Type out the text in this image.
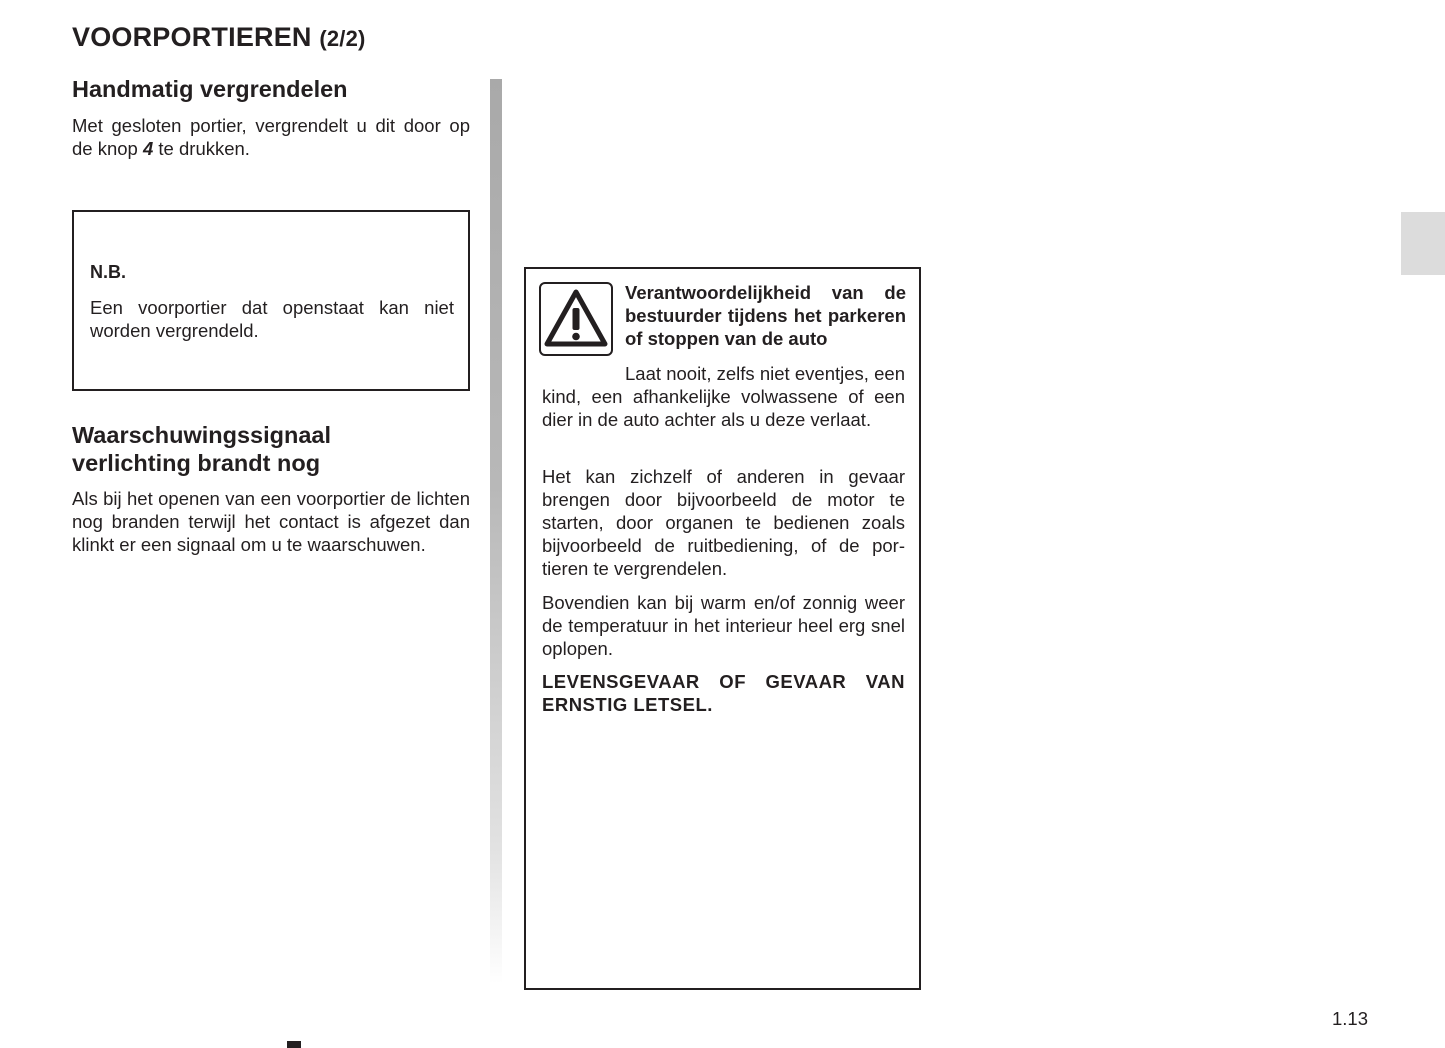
VOORPORTIEREN (2/2)
Handmatig vergrendelen

Met gesloten portier, vergrendelt u dit door op de knop 4 te drukken.

N.B.

Een voorportier dat openstaat kan niet worden vergrendeld.

Waarschuwingssignaal
verlichting brandt nog

Als bij het openen van een voorportier de lichten nog branden terwijl het contact is afgezet dan klinkt er een signaal om u te waarschuwen.

Verantwoordelijkheid van de bestuurder tijdens het parkeren of stoppen van de auto

Laat nooit, zelfs niet eventjes, een kind, een afhankelijke volwassene of een dier in de auto achter als u deze verlaat.

Het kan zichzelf of anderen in gevaar brengen door bijvoorbeeld de motor te starten, door organen te bedienen zoals bijvoorbeeld de ruitbediening, of de portieren te vergrendelen.

Bovendien kan bij warm en/of zonnig weer de temperatuur in het interieur heel erg snel oplopen.

LEVENSGEVAAR OF GEVAAR VAN ERNSTIG LETSEL.

1.13
